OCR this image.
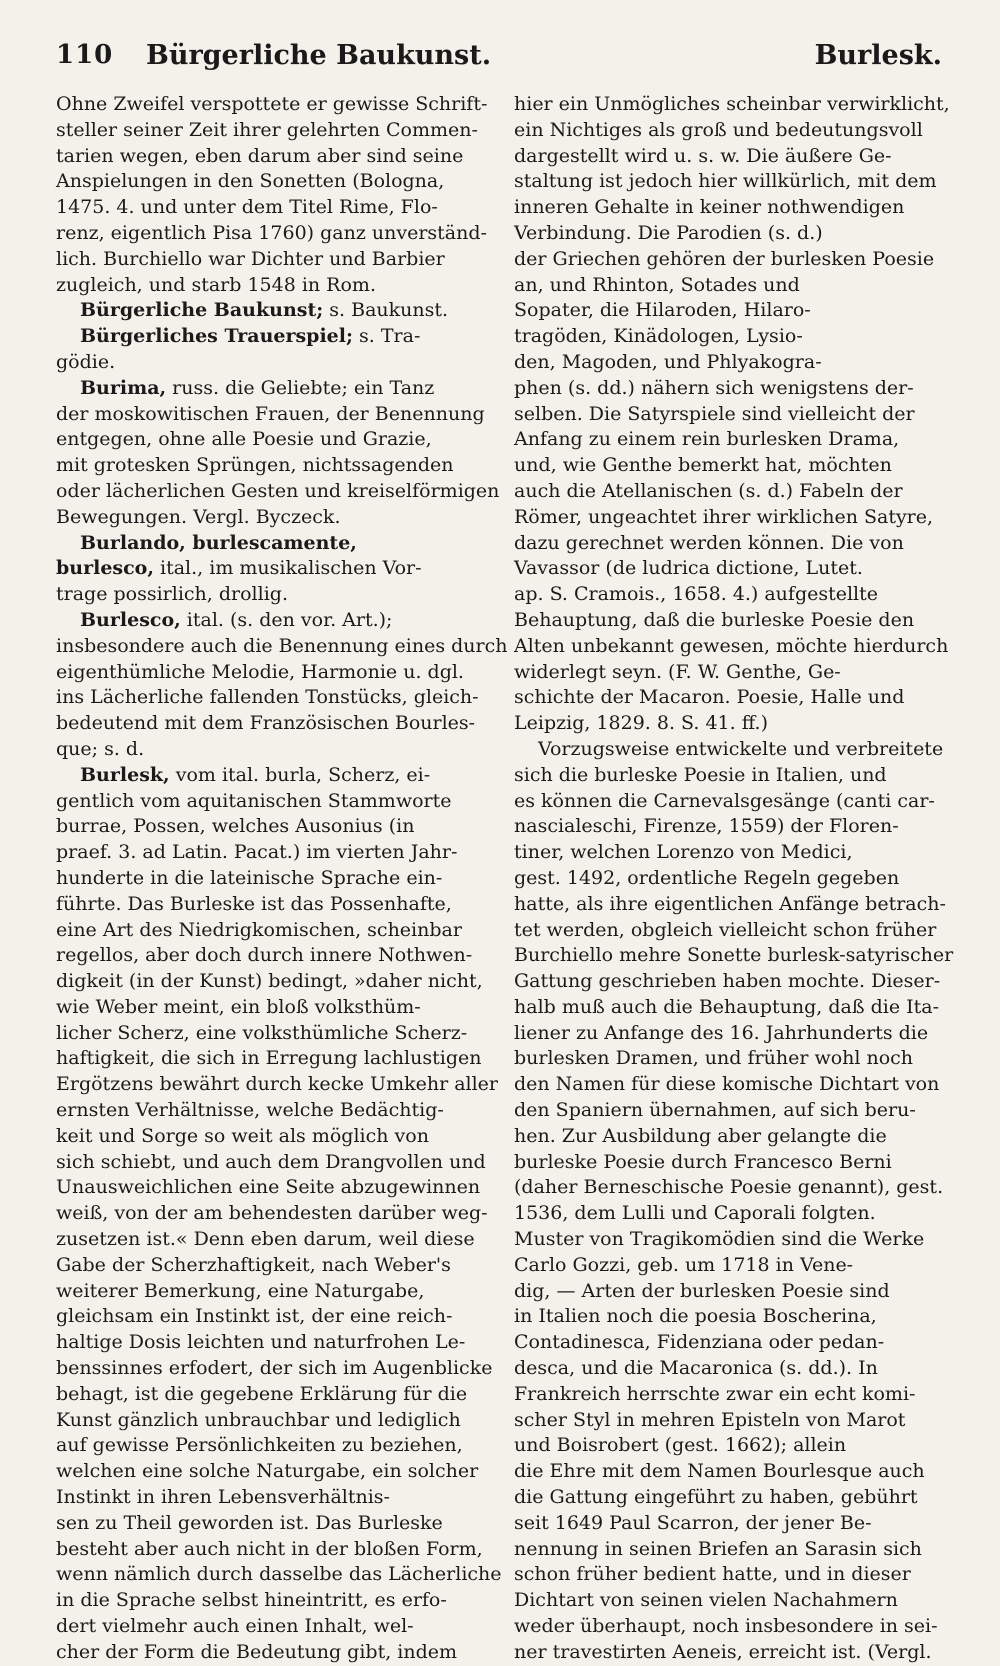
110 Bürgerliche Baukunst.	Burlesk.
Ohne Zweifel verspottete er gewisse Schrift-
steller seiner Zeit ihrer gelehrten Commen-
tarien wegen, eben darum aber sind seine
Anspielungen in den Sonetten (Bologna,
1475. 4. und unter dem Titel Rime, Flo-
renz, eigentlich Pisa 1760) ganz unverständ-
lich. Burchiello war Dichter und Barbier
zugleich, und starb 1548 in Rom.
Bürgerliche Baukunst; s. Baukunst.
Bürgerliches Trauerspiel; s. Tra-
gödie.
Burima, russ. die Geliebte; ein Tanz
der moskowitischen Frauen, der Benennung
entgegen, ohne alle Poesie und Grazie,
mit grotesken Sprüngen, nichtssagenden
oder lächerlichen Gesten und kreiselförmigen
Bewegungen. Vergl. Byczeck.
Burlando, burlescamente,
burlesco, ital., im musikalischen Vor-
trage possirlich, drollig.
Burlesco, ital. (s. den vor. Art.);
insbesondere auch die Benennung eines durch
eigenthümliche Melodie, Harmonie u. dgl.
ins Lächerliche fallenden Tonstücks, gleich-
bedeutend mit dem Französischen Bourles-
que; s. d.
Burlesk, vom ital. burla, Scherz, ei-
gentlich vom aquitanischen Stammworte
burrae, Possen, welches Ausonius (in
praef. 3. ad Latin. Pacat.) im vierten Jahr-
hunderte in die lateinische Sprache ein-
führte. Das Burleske ist das Possenhafte,
eine Art des Niedrigkomischen, scheinbar
regellos, aber doch durch innere Nothwen-
digkeit (in der Kunst) bedingt, »daher nicht,
wie Weber meint, ein bloß volksthüm-
licher Scherz, eine volksthümliche Scherz-
haftigkeit, die sich in Erregung lachlustigen
Ergötzens bewährt durch kecke Umkehr aller
ernsten Verhältnisse, welche Bedächtig-
keit und Sorge so weit als möglich von
sich schiebt, und auch dem Drangvollen und
Unausweichlichen eine Seite abzugewinnen
weiß, von der am behendesten darüber weg-
zusetzen ist.« Denn eben darum, weil diese
Gabe der Scherzhaftigkeit, nach Weber's
weiterer Bemerkung, eine Naturgabe,
gleichsam ein Instinkt ist, der eine reich-
haltige Dosis leichten und naturfrohen Le-
benssinnes erfodert, der sich im Augenblicke
behagt, ist die gegebene Erklärung für die
Kunst gänzlich unbrauchbar und lediglich
auf gewisse Persönlichkeiten zu beziehen,
welchen eine solche Naturgabe, ein solcher
Instinkt in ihren Lebensverhältnis-
sen zu Theil geworden ist. Das Burleske
besteht aber auch nicht in der bloßen Form,
wenn nämlich durch dasselbe das Lächerliche
in die Sprache selbst hineintritt, es erfo-
dert vielmehr auch einen Inhalt, wel-
cher der Form die Bedeutung gibt, indem
hier ein Unmögliches scheinbar verwirklicht,
ein Nichtiges als groß und bedeutungsvoll
dargestellt wird u. s. w. Die äußere Ge-
staltung ist jedoch hier willkürlich, mit dem
inneren Gehalte in keiner nothwendigen
Verbindung. Die Parodien (s. d.)
der Griechen gehören der burlesken Poesie
an, und Rhinton, Sotades und
Sopater, die Hilaroden, Hilaro-
tragöden, Kinädologen, Lysio-
den, Magoden, und Phlyakogra-
phen (s. dd.) nähern sich wenigstens der-
selben. Die Satyrspiele sind vielleicht der
Anfang zu einem rein burlesken Drama,
und, wie Genthe bemerkt hat, möchten
auch die Atellanischen (s. d.) Fabeln der
Römer, ungeachtet ihrer wirklichen Satyre,
dazu gerechnet werden können. Die von
Vavassor (de ludrica dictione, Lutet.
ap. S. Cramois., 1658. 4.) aufgestellte
Behauptung, daß die burleske Poesie den
Alten unbekannt gewesen, möchte hierdurch
widerlegt seyn. (F. W. Genthe, Ge-
schichte der Macaron. Poesie, Halle und
Leipzig, 1829. 8. S. 41. ff.)
Vorzugsweise entwickelte und verbreitete
sich die burleske Poesie in Italien, und
es können die Carnevalsgesänge (canti car-
nascialeschi, Firenze, 1559) der Floren-
tiner, welchen Lorenzo von Medici,
gest. 1492, ordentliche Regeln gegeben
hatte, als ihre eigentlichen Anfänge betrach-
tet werden, obgleich vielleicht schon früher
Burchiello mehre Sonette burlesk-satyrischer
Gattung geschrieben haben mochte. Dieser-
halb muß auch die Behauptung, daß die Ita-
liener zu Anfange des 16. Jahrhunderts die
burlesken Dramen, und früher wohl noch
den Namen für diese komische Dichtart von
den Spaniern übernahmen, auf sich beru-
hen. Zur Ausbildung aber gelangte die
burleske Poesie durch Francesco Berni
(daher Berneschische Poesie genannt), gest.
1536, dem Lulli und Caporali folgten.
Muster von Tragikomödien sind die Werke
Carlo Gozzi, geb. um 1718 in Vene-
dig, — Arten der burlesken Poesie sind
in Italien noch die poesia Boscherina,
Contadinesca, Fidenziana oder pedan-
desca, und die Macaronica (s. dd.). In
Frankreich herrschte zwar ein echt komi-
scher Styl in mehren Episteln von Marot
und Boisrobert (gest. 1662); allein
die Ehre mit dem Namen Bourlesque auch
die Gattung eingeführt zu haben, gebührt
seit 1649 Paul Scarron, der jener Be-
nennung in seinen Briefen an Sarasin sich
schon früher bedient hatte, und in dieser
Dichtart von seinen vielen Nachahmern
weder überhaupt, noch insbesondere in sei-
ner travestirten Aeneis, erreicht ist. (Vergl.
